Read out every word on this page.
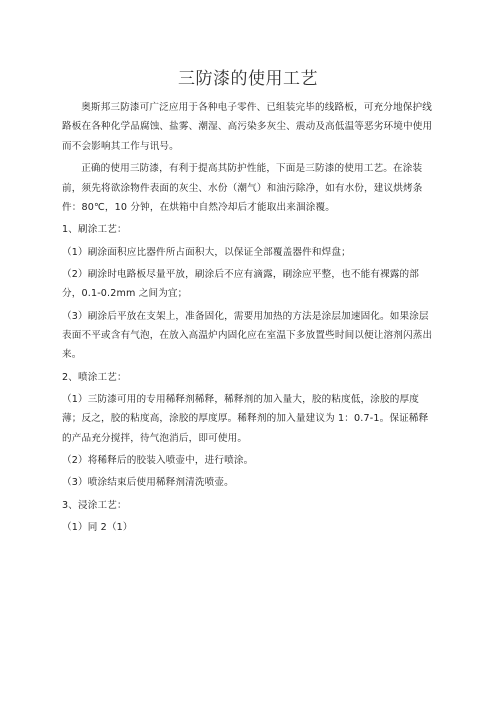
三防漆的使用工艺

奥斯邦三防漆可广泛应用于各种电子零件、已组装完毕的线路板，可充分地保护线路板在各种化学品腐蚀、盐雾、潮湿、高污染多灰尘、震动及高低温等恶劣环境中使用而不会影响其工作与讯号。

正确的使用三防漆，有利于提高其防护性能，下面是三防漆的使用工艺。在涂装前，须先将欲涂物件表面的灰尘、水份（潮气）和油污除净，如有水份，建议烘烤条件：80℃，10 分钟，在烘箱中自然冷却后才能取出来涸涂覆。

1、刷涂工艺：

（1）刷涂面积应比器件所占面积大，以保证全部覆盖器件和焊盘；

（2）刷涂时电路板尽量平放，刷涂后不应有滴露，刷涂应平整，也不能有裸露的部分，0.1-0.2mm 之间为宜；

（3）刷涂后平放在支架上，准备固化，需要用加热的方法是涂层加速固化。如果涂层表面不平或含有气泡，在放入高温炉内固化应在室温下多放置些时间以便让溶剂闪蒸出来。

2、喷涂工艺：

（1）三防漆可用的专用稀释剂稀释，稀释剂的加入量大，胶的粘度低，涂胶的厚度薄；反之，胶的粘度高，涂胶的厚度厚。稀释剂的加入量建议为 1：0.7-1。保证稀释的产品充分搅拌，待气泡消后，即可使用。

（2）将稀释后的胶装入喷壶中，进行喷涂。

（3）喷涂结束后使用稀释剂清洗喷壶。

3、浸涂工艺：

（1）同 2（1）
